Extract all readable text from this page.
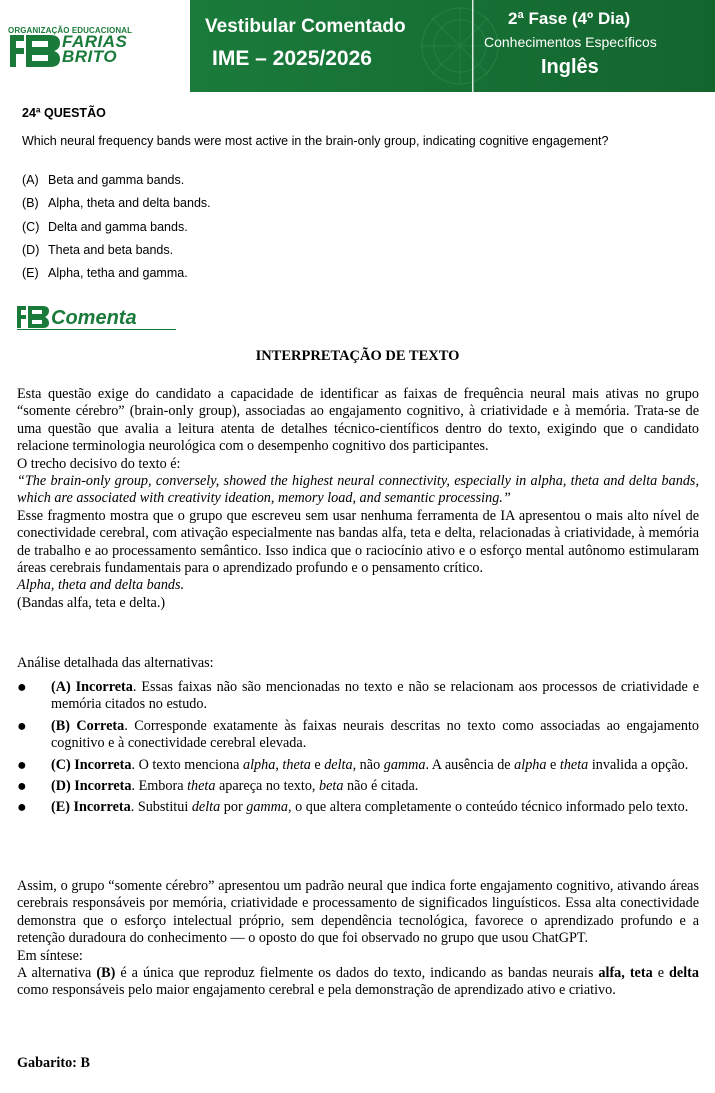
ORGANIZAÇÃO EDUCACIONAL
FARIAS
BRITO
Vestibular Comentado
IME – 2025/2026
2ª Fase (4º Dia)
Conhecimentos Específicos
Inglês
24ª QUESTÃO
Which neural frequency bands were most active in the brain-only group, indicating cognitive engagement?
(A) Beta and gamma bands.
(B) Alpha, theta and delta bands.
(C) Delta and gamma bands.
(D) Theta and beta bands.
(E) Alpha, tetha and gamma.
Comenta
INTERPRETAÇÃO DE TEXTO

Esta questão exige do candidato a capacidade de identificar as faixas de frequência neural mais ativas no grupo “somente cérebro” (brain-only group), associadas ao engajamento cognitivo, à criatividade e à memória. Trata-se de uma questão que avalia a leitura atenta de detalhes técnico-científicos dentro do texto, exigindo que o candidato relacione terminologia neurológica com o desempenho cognitivo dos participantes.

O trecho decisivo do texto é:

“The brain-only group, conversely, showed the highest neural connectivity, especially in alpha, theta and delta bands, which are associated with creativity ideation, memory load, and semantic processing.”

Esse fragmento mostra que o grupo que escreveu sem usar nenhuma ferramenta de IA apresentou o mais alto nível de conectividade cerebral, com ativação especialmente nas bandas alfa, teta e delta, relacionadas à criatividade, à memória de trabalho e ao processamento semântico. Isso indica que o raciocínio ativo e o esforço mental autônomo estimularam áreas cerebrais fundamentais para o aprendizado profundo e o pensamento crítico.

Alpha, theta and delta bands.

(Bandas alfa, teta e delta.)

Análise detalhada das alternativas:
● (A) Incorreta. Essas faixas não são mencionadas no texto e não se relacionam aos processos de criatividade e memória citados no estudo.
● (B) Correta. Corresponde exatamente às faixas neurais descritas no texto como associadas ao engajamento cognitivo e à conectividade cerebral elevada.
● (C) Incorreta. O texto menciona alpha, theta e delta, não gamma. A ausência de alpha e theta invalida a opção.
● (D) Incorreta. Embora theta apareça no texto, beta não é citada.
● (E) Incorreta. Substitui delta por gamma, o que altera completamente o conteúdo técnico informado pelo texto.

Assim, o grupo “somente cérebro” apresentou um padrão neural que indica forte engajamento cognitivo, ativando áreas cerebrais responsáveis por memória, criatividade e processamento de significados linguísticos. Essa alta conectividade demonstra que o esforço intelectual próprio, sem dependência tecnológica, favorece o aprendizado profundo e a retenção duradoura do conhecimento — o oposto do que foi observado no grupo que usou ChatGPT.

Em síntese:

A alternativa (B) é a única que reproduz fielmente os dados do texto, indicando as bandas neurais alfa, teta e delta como responsáveis pelo maior engajamento cerebral e pela demonstração de aprendizado ativo e criativo.

Gabarito: B
